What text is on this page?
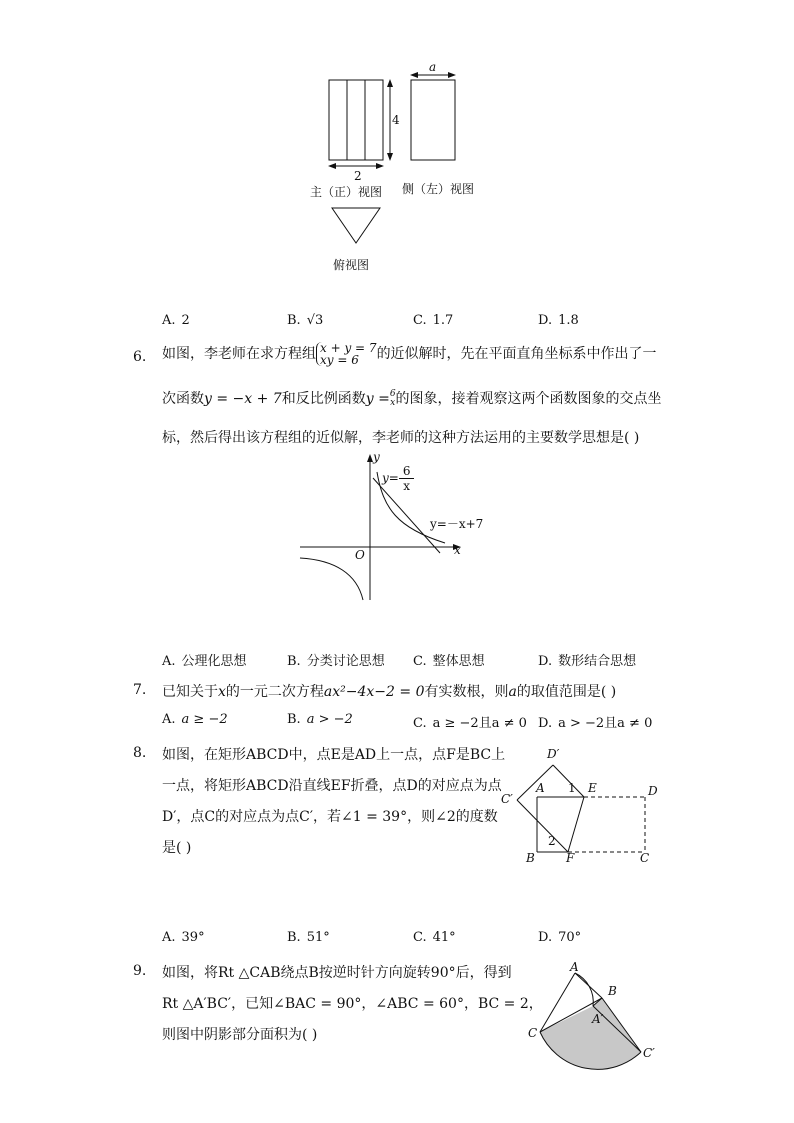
a
4
2
主（正）视图 侧（左）视图
俯视图
A. 2	B. √3	C. 1.7	D. 1.8
6. 如图，李老师在求方程组 x + y = 7
xy = 6	的近似解时，先在平面直角坐标系中作出了一
次函数y = −x + 7和反比例函数y = 6
x 的图象，接着观察这两个函数图象的交点坐
标，然后得出该方程组的近似解，李老师的这种方法运用的主要数学思想是( )
y
x
O
$y= \frac{6}{x}$
y=－x+7
A. 公理化思想	B. 分类讨论思想 C. 整体思想	D. 数形结合思想
7. 已知关于x的一元二次方程ax²−4x−2 = 0有实数根，则a的取值范围是( )
A. a ≥ −2	B. a > −2	C. a ≥ −2且a ≠ 0 D. a > −2且a ≠ 0
8. 如图，在矩形ABCD中，点E是AD上一点，点F是BC上
一点，将矩形ABCD沿直线EF折叠，点D的对应点为点
D′，点C的对应点为点C′，若∠1 = 39°，则∠2的度数
是( )
D′
C′
A 1 E	D
2
B	F	C
A. 39°	B. 51°	C. 41°	D. 70°
9. 如图，将Rt △CAB绕点B按逆时针方向旋转90°后，得到
Rt △A′BC′，已知∠BAC = 90°，∠ABC = 60°，BC = 2，
则图中阴影部分面积为( )
A
B
A′
C
C′
